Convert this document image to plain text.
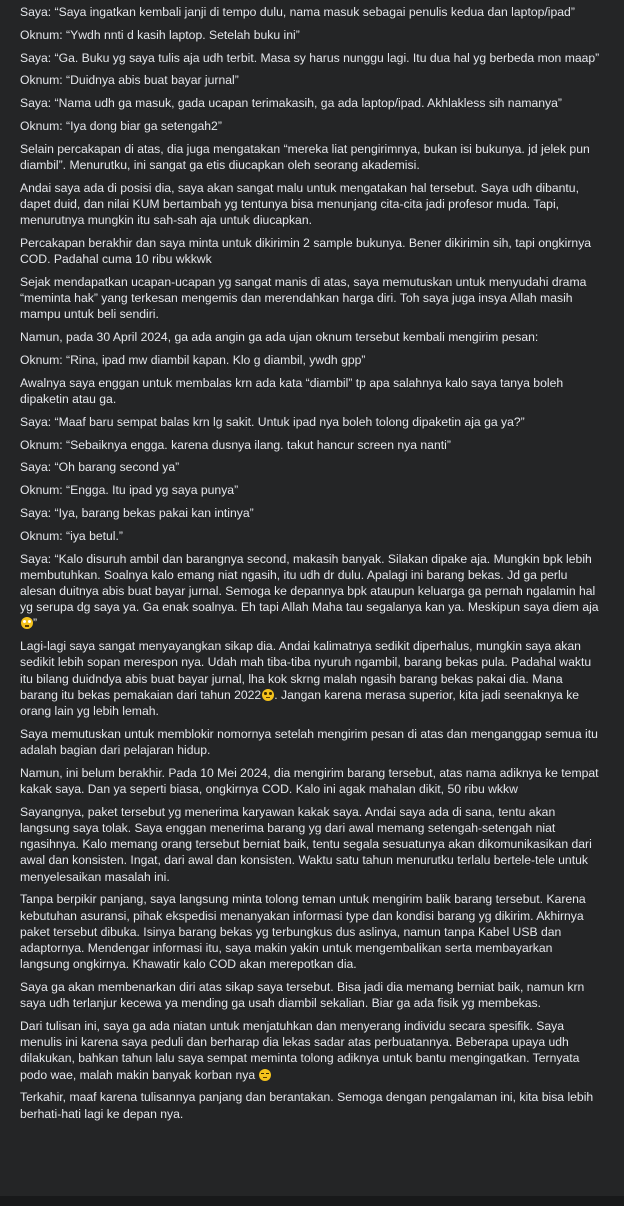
Saya: “Saya ingatkan kembali janji di tempo dulu, nama masuk sebagai penulis kedua dan laptop/ipad”

Oknum: “Ywdh nnti d kasih laptop. Setelah buku ini”

Saya: “Ga. Buku yg saya tulis aja udh terbit. Masa sy harus nunggu lagi. Itu dua hal yg berbeda mon maap”

Oknum: “Duidnya abis buat bayar jurnal”

Saya: “Nama udh ga masuk, gada ucapan terimakasih, ga ada laptop/ipad. Akhlakless sih namanya”

Oknum: “Iya dong biar ga setengah2”

Selain percakapan di atas, dia juga mengatakan “mereka liat pengirimnya, bukan isi bukunya. jd jelek pun diambil”. Menurutku, ini sangat ga etis diucapkan oleh seorang akademisi.

Andai saya ada di posisi dia, saya akan sangat malu untuk mengatakan hal tersebut. Saya udh dibantu, dapet duid, dan nilai KUM bertambah yg tentunya bisa menunjang cita-cita jadi profesor muda. Tapi, menurutnya mungkin itu sah-sah aja untuk diucapkan.

Percakapan berakhir dan saya minta untuk dikirimin 2 sample bukunya. Bener dikirimin sih, tapi ongkirnya COD. Padahal cuma 10 ribu wkkwk

Sejak mendapatkan ucapan-ucapan yg sangat manis di atas, saya memutuskan untuk menyudahi drama “meminta hak” yang terkesan mengemis dan merendahkan harga diri. Toh saya juga insya Allah masih mampu untuk beli sendiri.

Namun, pada 30 April 2024, ga ada angin ga ada ujan oknum tersebut kembali mengirim pesan:

Oknum: “Rina, ipad mw diambil kapan. Klo g diambil, ywdh gpp”

Awalnya saya enggan untuk membalas krn ada kata “diambil” tp apa salahnya kalo saya tanya boleh dipaketin atau ga.

Saya: “Maaf baru sempat balas krn lg sakit. Untuk ipad nya boleh tolong dipaketin aja ga ya?”

Oknum: “Sebaiknya engga. karena dusnya ilang. takut hancur screen nya nanti”

Saya: “Oh barang second ya”

Oknum: “Engga. Itu ipad yg saya punya”

Saya: “Iya, barang bekas pakai kan intinya”

Oknum: “iya betul.”

Saya: “Kalo disuruh ambil dan barangnya second, makasih banyak. Silakan dipake aja. Mungkin bpk lebih membutuhkan. Soalnya kalo emang niat ngasih, itu udh dr dulu. Apalagi ini barang bekas. Jd ga perlu alesan duitnya abis buat bayar jurnal. Semoga ke depannya bpk ataupun keluarga ga pernah ngalamin hal yg serupa dg saya ya. Ga enak soalnya. Eh tapi Allah Maha tau segalanya kan ya. Meskipun saya diem aja”

Lagi-lagi saya sangat menyayangkan sikap dia. Andai kalimatnya sedikit diperhalus, mungkin saya akan sedikit lebih sopan merespon nya. Udah mah tiba-tiba nyuruh ngambil, barang bekas pula. Padahal waktu itu bilang duidndya abis buat bayar jurnal, lha kok skrng malah ngasih barang bekas pakai dia. Mana barang itu bekas pemakaian dari tahun 2022 . Jangan karena merasa superior, kita jadi seenaknya ke orang lain yg lebih lemah.

Saya memutuskan untuk memblokir nomornya setelah mengirim pesan di atas dan menganggap semua itu adalah bagian dari pelajaran hidup.

Namun, ini belum berakhir. Pada 10 Mei 2024, dia mengirim barang tersebut, atas nama adiknya ke tempat kakak saya. Dan ya seperti biasa, ongkirnya COD. Kalo ini agak mahalan dikit, 50 ribu wkkw

Sayangnya, paket tersebut yg menerima karyawan kakak saya. Andai saya ada di sana, tentu akan langsung saya tolak. Saya enggan menerima barang yg dari awal memang setengah-setengah niat ngasihnya. Kalo memang orang tersebut berniat baik, tentu segala sesuatunya akan dikomunikasikan dari awal dan konsisten. Ingat, dari awal dan konsisten. Waktu satu tahun menurutku terlalu bertele-tele untuk menyelesaikan masalah ini.

Tanpa berpikir panjang, saya langsung minta tolong teman untuk mengirim balik barang tersebut. Karena kebutuhan asuransi, pihak ekspedisi menanyakan informasi type dan kondisi barang yg dikirim. Akhirnya paket tersebut dibuka. Isinya barang bekas yg terbungkus dus aslinya, namun tanpa Kabel USB dan adaptornya. Mendengar informasi itu, saya makin yakin untuk mengembalikan serta membayarkan langsung ongkirnya. Khawatir kalo COD akan merepotkan dia.

Saya ga akan membenarkan diri atas sikap saya tersebut. Bisa jadi dia memang berniat baik, namun krn saya udh terlanjur kecewa ya mending ga usah diambil sekalian. Biar ga ada fisik yg membekas.

Dari tulisan ini, saya ga ada niatan untuk menjatuhkan dan menyerang individu secara spesifik. Saya menulis ini karena saya peduli dan berharap dia lekas sadar atas perbuatannya. Beberapa upaya udh dilakukan, bahkan tahun lalu saya sempat meminta tolong adiknya untuk bantu mengingatkan. Ternyata podo wae, malah makin banyak korban nya

Terkahir, maaf karena tulisannya panjang dan berantakan. Semoga dengan pengalaman ini, kita bisa lebih berhati-hati lagi ke depan nya.
